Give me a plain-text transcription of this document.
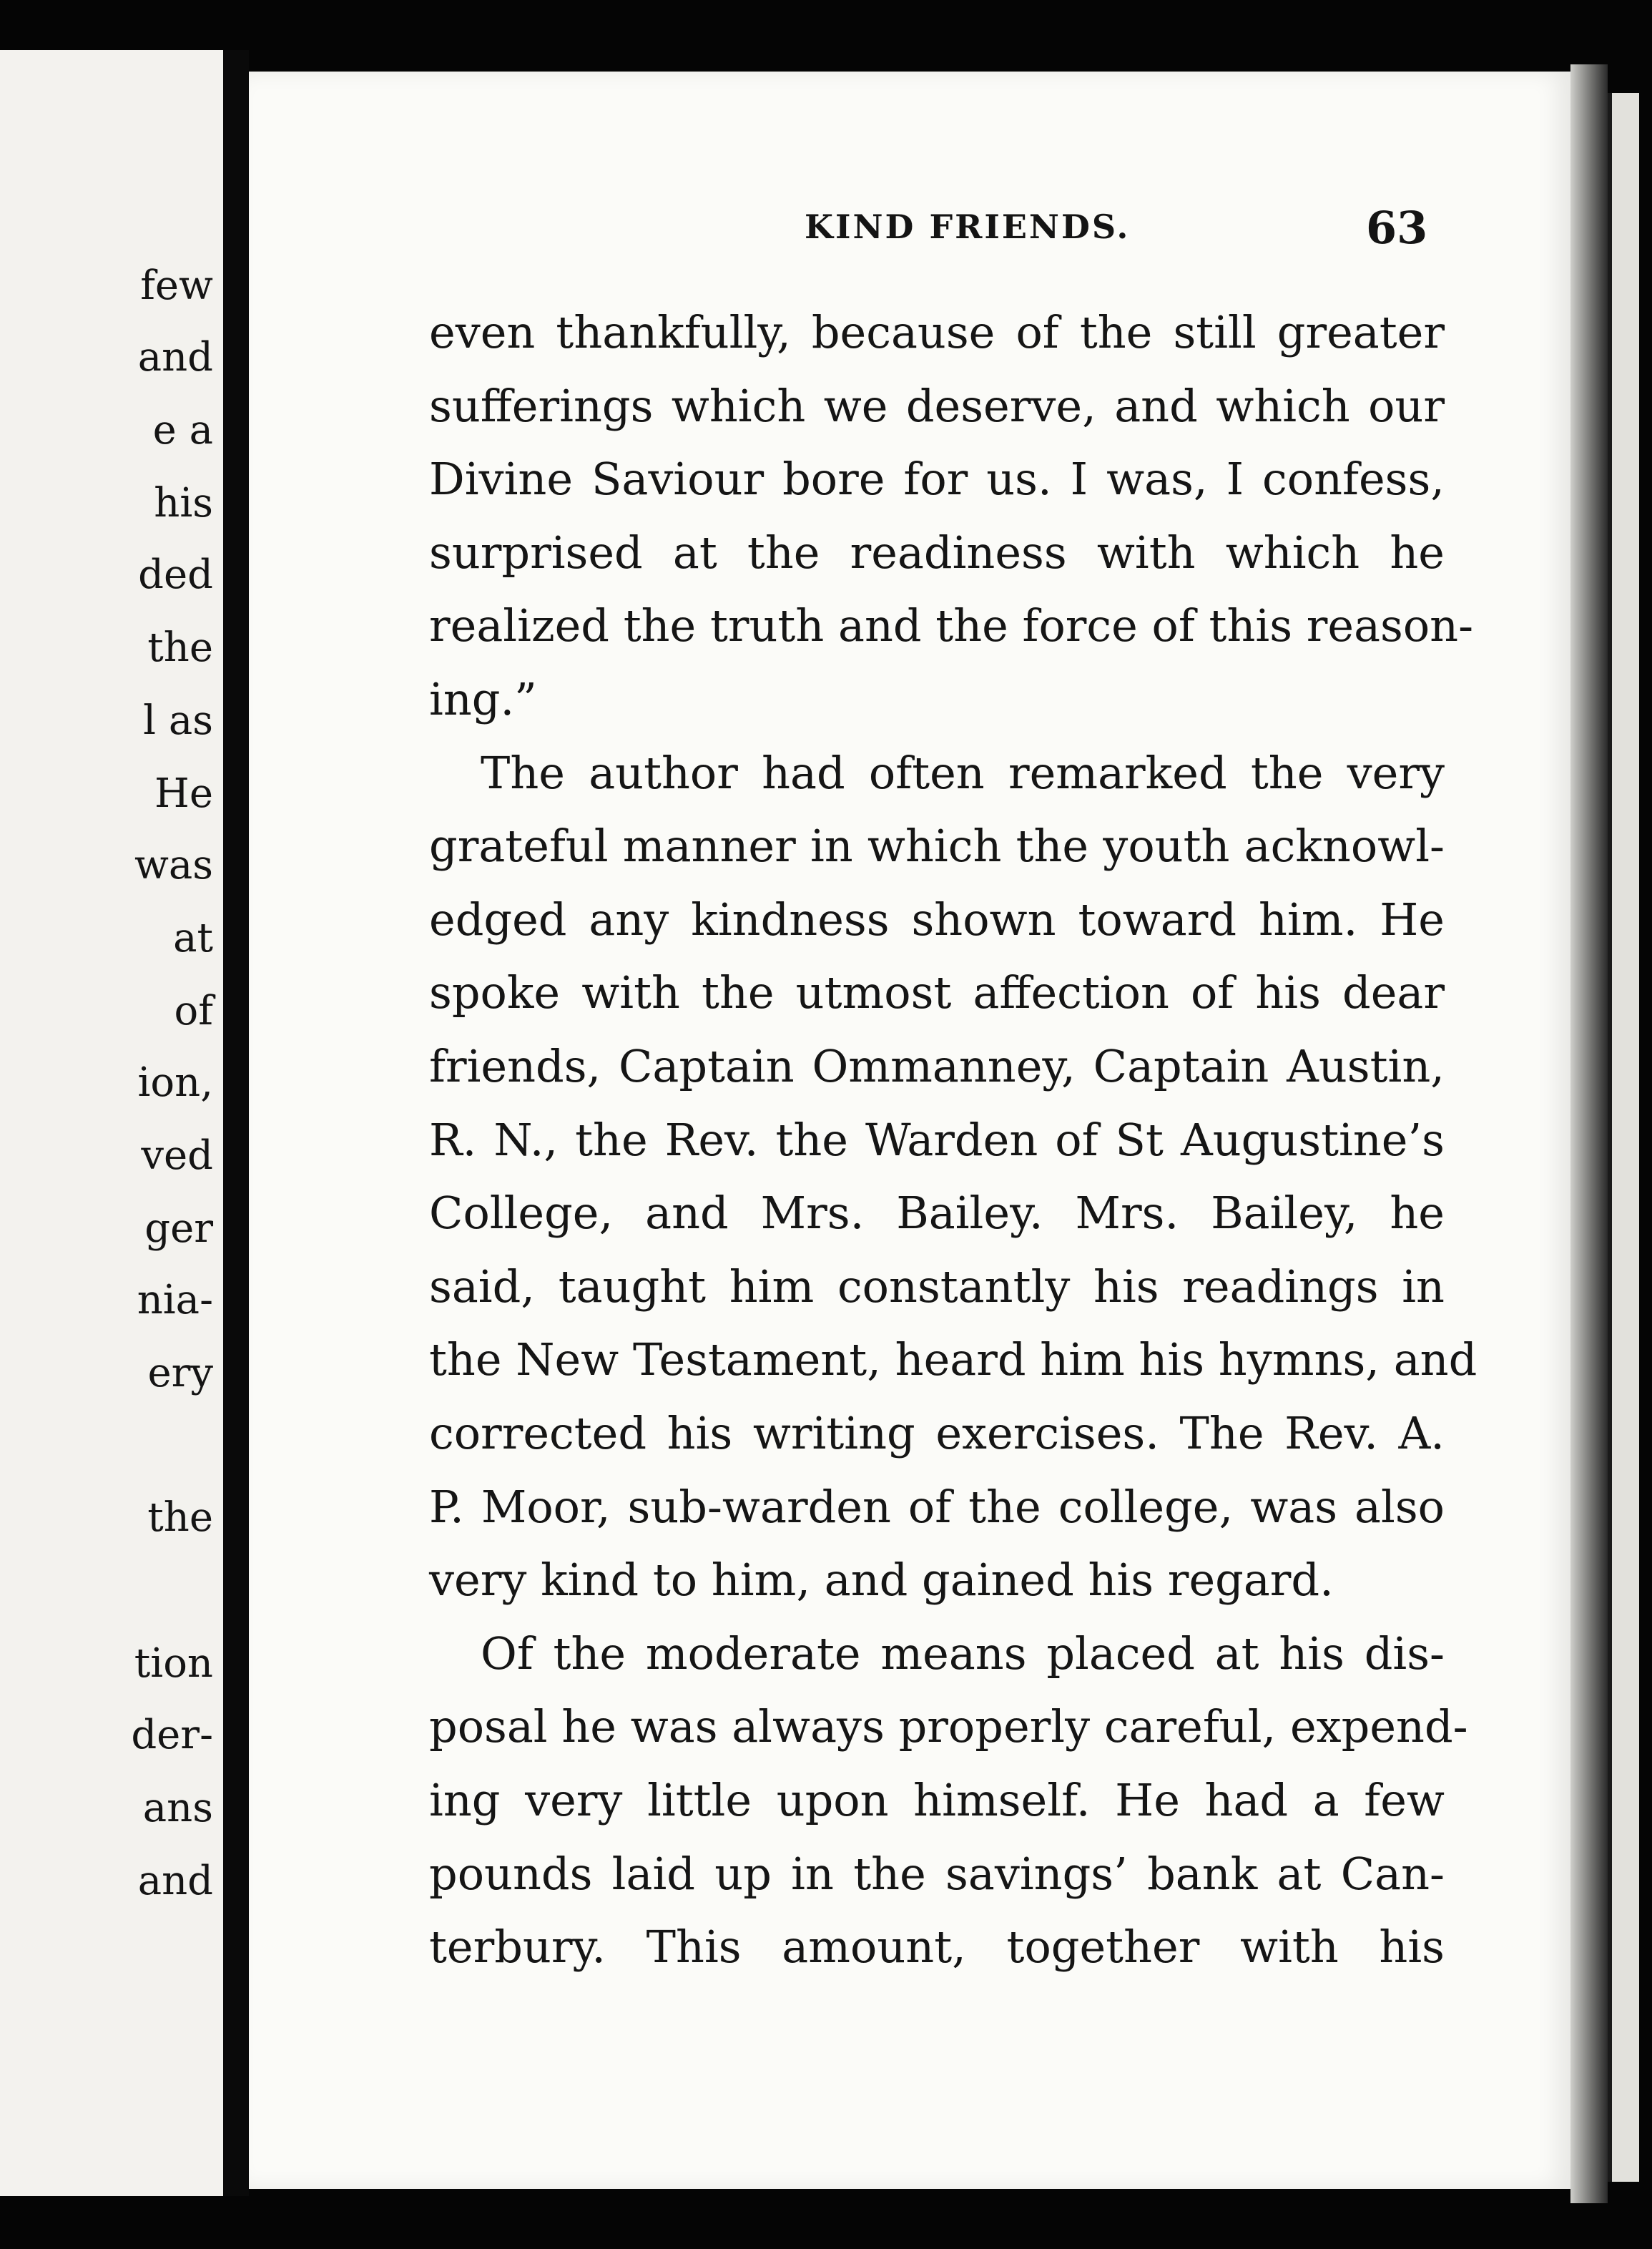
few
and
e a
his
ded
the
l as
He
was
at
of
ion,
ved
ger
nia-
ery
the
tion
der-
ans
and
KIND FRIENDS.	63
even thankfully, because of the still greater
sufferings which we deserve, and which our
Divine Saviour bore for us. I was, I confess,
surprised at the readiness with which he
realized the truth and the force of this reason-
ing.”
The author had often remarked the very
grateful manner in which the youth acknowl-
edged any kindness shown toward him. He
spoke with the utmost affection of his dear
friends, Captain Ommanney, Captain Austin,
R. N., the Rev. the Warden of St Augustine’s
College, and Mrs. Bailey. Mrs. Bailey, he
said, taught him constantly his readings in
the New Testament, heard him his hymns, and
corrected his writing exercises. The Rev. A.
P. Moor, sub-warden of the college, was also
very kind to him, and gained his regard.
Of the moderate means placed at his dis-
posal he was always properly careful, expend-
ing very little upon himself. He had a few
pounds laid up in the savings’ bank at Can-
terbury. This amount, together with his
